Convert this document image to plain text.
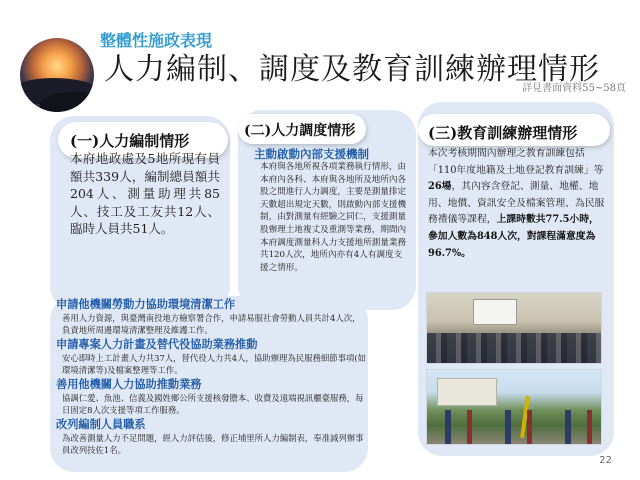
整體性施政表現
人力編制、調度及教育訓練辦理情形
詳見書面資料55~58頁
(一)人力編制情形
(二)人力調度情形	(三)教育訓練辦理情形
本府地政處及5地所現有員額共339人，編制總員額共204人、測量助理共85人、技工及工友共12人、臨時人員共51人。
主動啟動內部支援機制
本府與各地所視各項業務執行情形，由本府內各科、本府與各地所及地所內各股之間進行人力調度，主要是測量排定天數超出規定天數，則啟動內部支援機制，由對測量有經驗之同仁，支援測量股辦理土地複丈及重測等業務，期間內本府調度測量科人力支援地所測量業務共120人次，地所內亦有4人有調度支援之情形。
本次考核期間內辦理之教育訓練包括「110年度地籍及土地登記教育訓練」等26場，其內容含登記、測量、地權、地用、地價、資訊安全及檔案管理、為民服務禮儀等課程，上課時數共77.5小時，參加人數為848人次，對課程滿意度為96.7%。
申請他機關勞動力協助環境清潔工作
善用人力資源，與臺灣南投地方檢察署合作，申請易服社會勞動人員共計4人次，負責地所周邊環境清潔整理及維護工作。
申請專案人力計畫及替代役協助業務推動
安心即時上工計畫人力共37人，替代役人力共4人，協助辦理為民服務細節事項(如環境清潔等)及檔案整理等工作。
善用他機關人力協助推動業務
協調仁愛、魚池、信義及國姓鄉公所支援核發謄本、收費及遠端視訊櫃臺服務，每日固定8人次支援等項工作服務。
改列編制人員職系
為改善測量人力不足問題，經人力評估後，修正埔里所人力編制表，奉准減列辦事員改列技佐1名。
22
